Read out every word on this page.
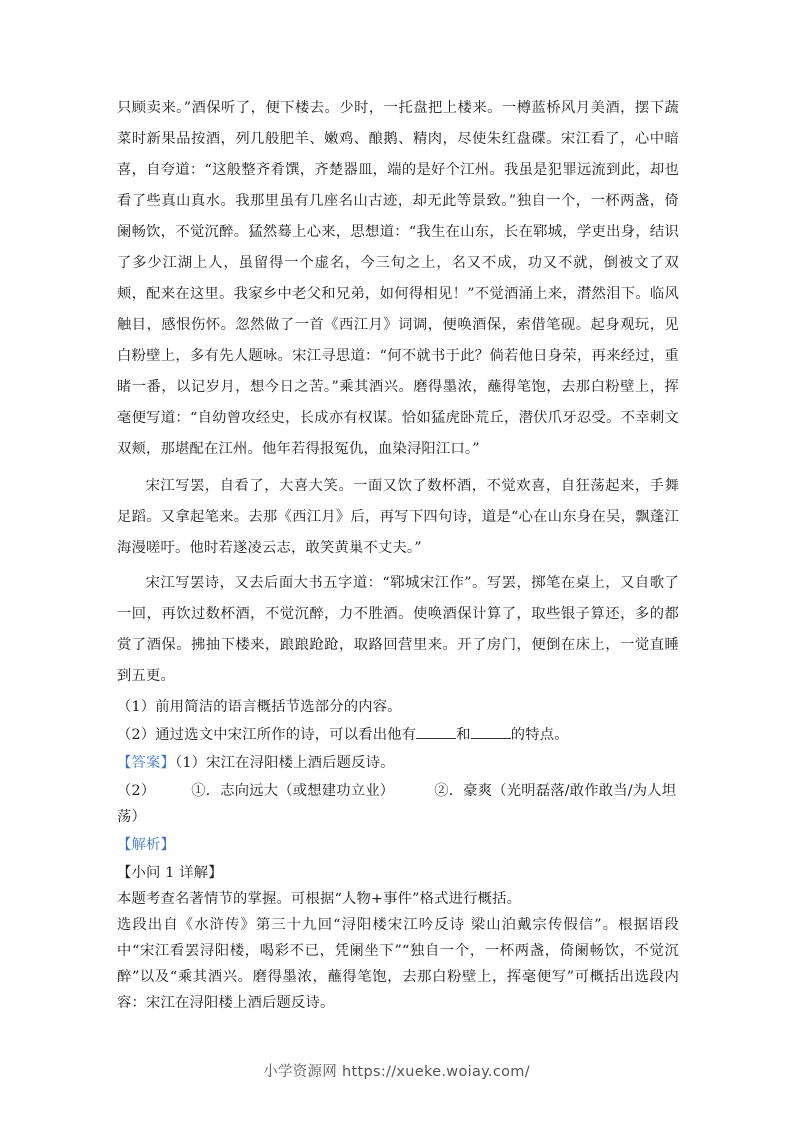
只顾卖来。”酒保听了，便下楼去。少时，一托盘把上楼来。一樽蓝桥风月美酒，摆下蔬菜时新果品按酒，列几般肥羊、嫩鸡、酿鹅、精肉，尽使朱红盘碟。宋江看了，心中暗喜，自夸道：“这般整齐肴馔，齐楚器皿，端的是好个江州。我虽是犯罪远流到此，却也看了些真山真水。我那里虽有几座名山古迹，却无此等景致。”独自一个，一杯两盏，倚阑畅饮，不觉沉醉。猛然蓦上心来，思想道：“我生在山东，长在郓城，学吏出身，结识了多少江湖上人，虽留得一个虚名，今三旬之上，名又不成，功又不就，倒被文了双颊，配来在这里。我家乡中老父和兄弟，如何得相见！”不觉酒涌上来，潸然泪下。临风触目，感恨伤怀。忽然做了一首《西江月》词调，便唤酒保，索借笔砚。起身观玩，见白粉壁上，多有先人题咏。宋江寻思道：“何不就书于此？倘若他日身荣，再来经过，重睹一番，以记岁月，想今日之苦。”乘其酒兴。磨得墨浓，蘸得笔饱，去那白粉壁上，挥毫便写道：“自幼曾攻经史，长成亦有权谋。恰如猛虎卧荒丘，潜伏爪牙忍受。不幸刺文双颊，那堪配在江州。他年若得报冤仇，血染浔阳江口。”

宋江写罢，自看了，大喜大笑。一面又饮了数杯酒，不觉欢喜，自狂荡起来，手舞足蹈。又拿起笔来。去那《西江月》后，再写下四句诗，道是“心在山东身在吴，飘蓬江海漫嗟吁。他时若遂凌云志，敢笑黄巢不丈夫。”

宋江写罢诗，又去后面大书五字道：“郓城宋江作”。写罢，掷笔在桌上，又自歌了一回，再饮过数杯酒，不觉沉醉，力不胜酒。使唤酒保计算了，取些银子算还，多的都赏了酒保。拂抽下楼来，踉踉跄跄，取路回营里来。开了房门，便倒在床上，一觉直睡到五更。

（1）前用简洁的语言概括节选部分的内容。

（2）通过选文中宋江所作的诗，可以看出他有	和	的特点。

【答案】（1）宋江在浔阳楼上酒后题反诗。

（2）	①．志向远大（或想建功立业）	②．豪爽（光明磊落/敢作敢当/为人坦荡）

【解析】

【小问 1 详解】

本题考查名著情节的掌握。可根据“人物+事件”格式进行概括。

选段出自《水浒传》第三十九回“浔阳楼宋江吟反诗 梁山泊戴宗传假信”。根据语段中“宋江看罢浔阳楼，喝彩不已，凭阑坐下”“独自一个，一杯两盏，倚阑畅饮，不觉沉醉”以及“乘其酒兴。磨得墨浓，蘸得笔饱，去那白粉壁上，挥毫便写”可概括出选段内容：宋江在浔阳楼上酒后题反诗。

小学资源网 https://xueke.woiay.com/
